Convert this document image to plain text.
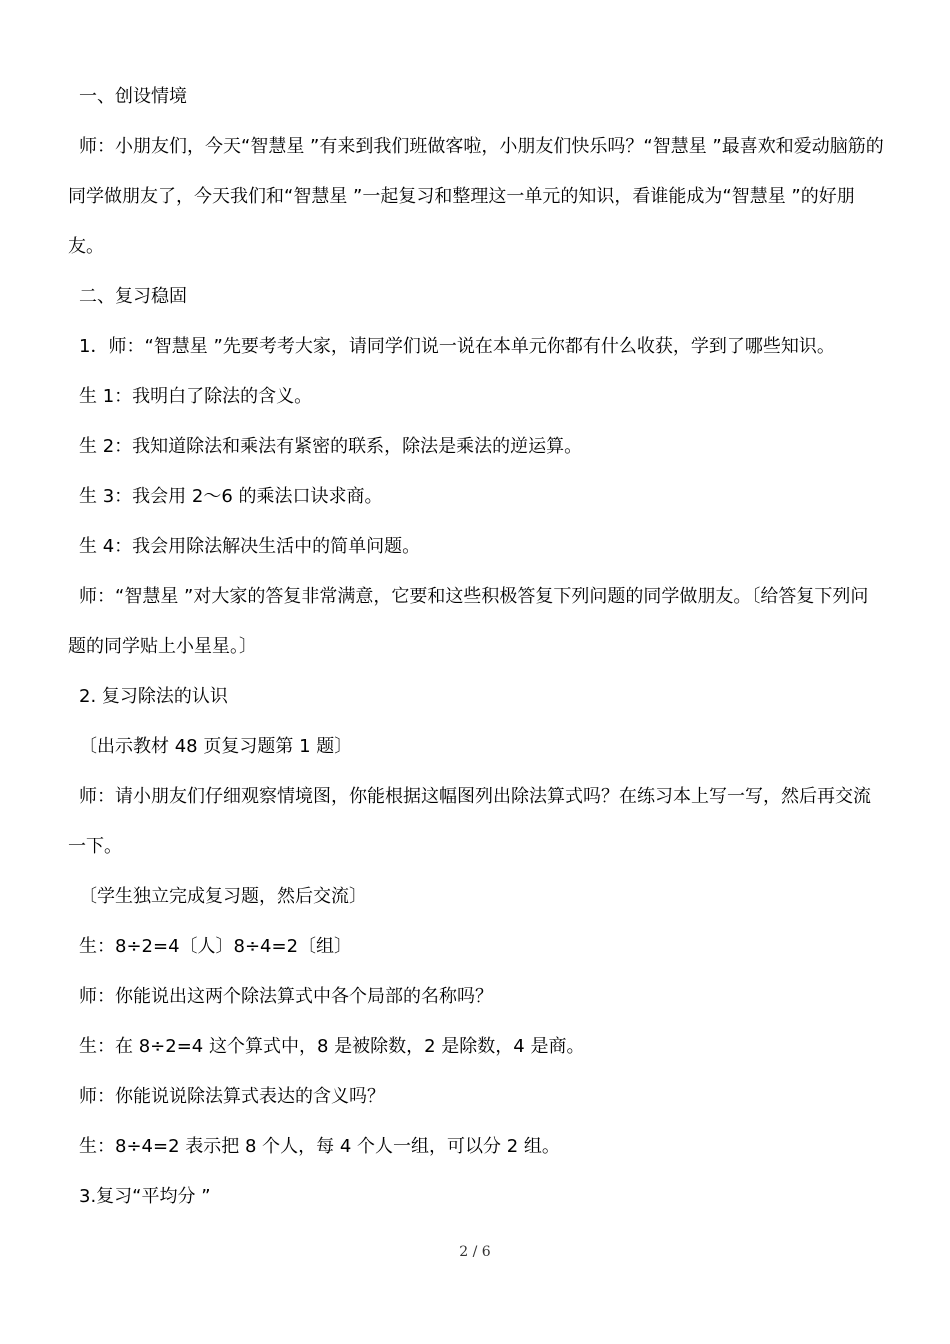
一、创设情境

师：小朋友们，今天“智慧星 ”有来到我们班做客啦，小朋友们快乐吗？“智慧星 ”最喜欢和爱动脑筋的同学做朋友了，今天我们和“智慧星 ”一起复习和整理这一单元的知识，看谁能成为“智慧星 ”的好朋友。

二、复习稳固

1．师：“智慧星 ”先要考考大家，请同学们说一说在本单元你都有什么收获，学到了哪些知识。

生 1：我明白了除法的含义。

生 2：我知道除法和乘法有紧密的联系，除法是乘法的逆运算。

生 3：我会用 2～6 的乘法口诀求商。

生 4：我会用除法解决生活中的简单问题。

师：“智慧星 ”对大家的答复非常满意，它要和这些积极答复下列问题的同学做朋友。〔给答复下列问题的同学贴上小星星。〕

2. 复习除法的认识

〔出示教材 48 页复习题第 1 题〕

师：请小朋友们仔细观察情境图，你能根据这幅图列出除法算式吗？在练习本上写一写，然后再交流一下。

〔学生独立完成复习题，然后交流〕

生：8÷2=4〔人〕8÷4=2〔组〕

师：你能说出这两个除法算式中各个局部的名称吗？

生：在 8÷2=4 这个算式中，8 是被除数，2 是除数，4 是商。

师：你能说说除法算式表达的含义吗？

生：8÷4=2 表示把 8 个人，每 4 个人一组，可以分 2 组。

3.复习“平均分 ”

2 / 6
